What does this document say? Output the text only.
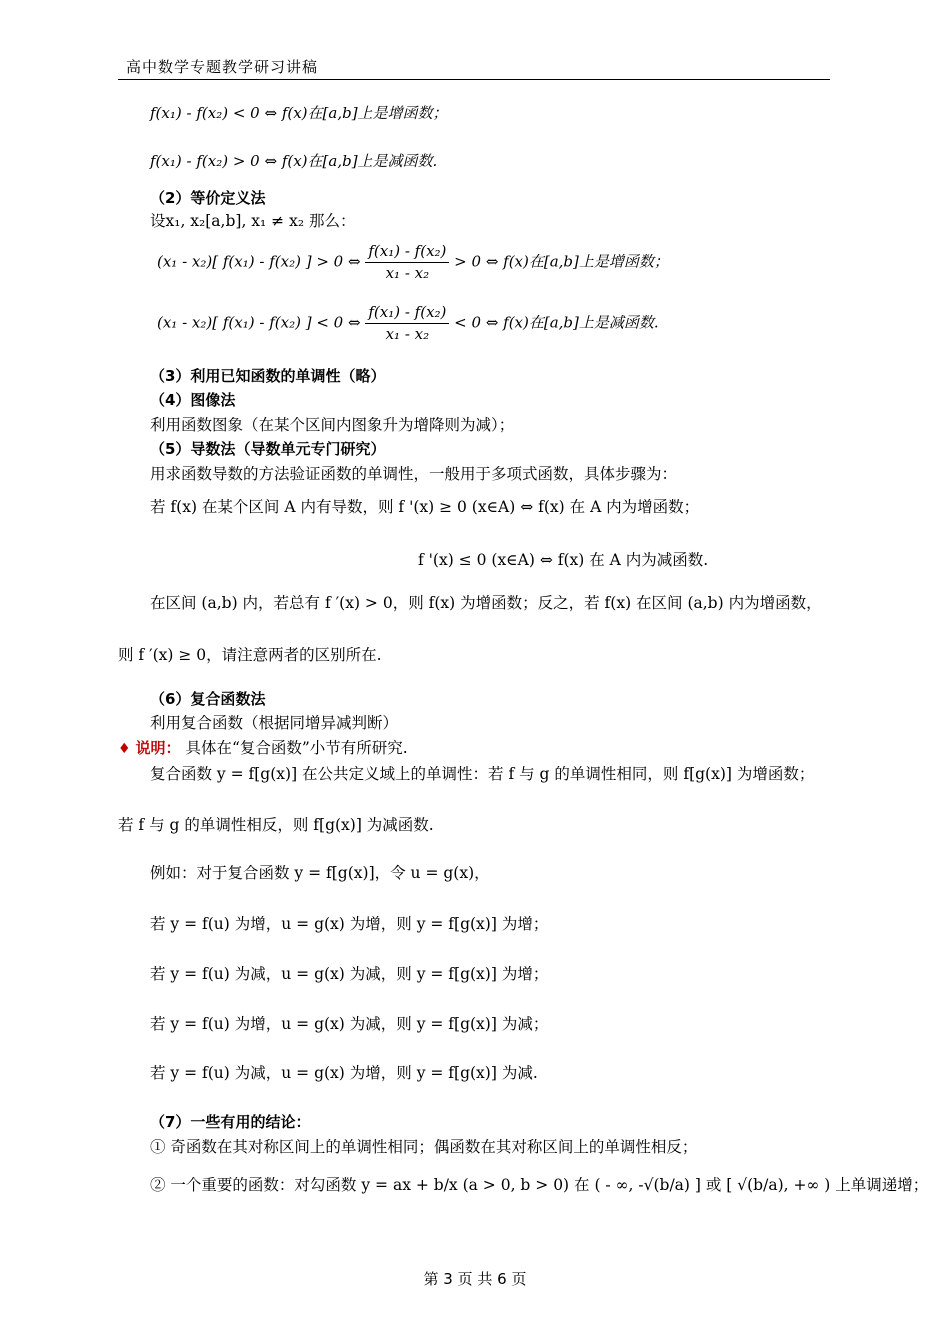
高中数学专题教学研习讲稿
f(x₁) - f(x₂) < 0 ⇔ f(x)在[a,b]上是增函数；
f(x₁) - f(x₂) > 0 ⇔ f(x)在[a,b]上是减函数.
（2）等价定义法
设x₁, x₂[a,b], x₁ ≠ x₂ 那么：
(x₁ - x₂)[ f(x₁) - f(x₂) ] > 0 ⇔ $\frac{\text{f(x₁) - f(x₂)}}{\text{x₁ - x₂}} > 0$ ⇔ f(x)在[a,b]上是增函数；
(x₁ - x₂)[ f(x₁) - f(x₂) ] < 0 ⇔ $\frac{\text{f(x₁) - f(x₂)}}{\text{x₁ - x₂}} < 0$ ⇔ f(x)在[a,b]上是减函数.
（3）利用已知函数的单调性（略）
（4）图像法
利用函数图象（在某个区间内图象升为增降则为减）；
（5）导数法（导数单元专门研究）
用求函数导数的方法验证函数的单调性，一般用于多项式函数，具体步骤为：
若 f(x) 在某个区间 A 内有导数，则 f '(x) ≥ 0 (x∈A) ⇔ f(x) 在 A 内为增函数；
f '(x) ≤ 0 (x∈A) ⇔ f(x) 在 A 内为减函数.
在区间 (a,b) 内，若总有 f ′(x) > 0，则 f(x) 为增函数；反之，若 f(x) 在区间 (a,b) 内为增函数，
则 f ′(x) ≥ 0，请注意两者的区别所在.
（6）复合函数法
利用复合函数（根据同增异减判断）
♦ 说明： 具体在“复合函数”小节有所研究.
复合函数 y = f[g(x)] 在公共定义域上的单调性：若 f 与 g 的单调性相同，则 f[g(x)] 为增函数；
若 f 与 g 的单调性相反，则 f[g(x)] 为减函数.
例如：对于复合函数 y = f[g(x)]，令 u = g(x)，
若 y = f(u) 为增，u = g(x) 为增，则 y = f[g(x)] 为增；
若 y = f(u) 为减，u = g(x) 为减，则 y = f[g(x)] 为增；
若 y = f(u) 为增，u = g(x) 为减，则 y = f[g(x)] 为减；
若 y = f(u) 为减，u = g(x) 为增，则 y = f[g(x)] 为减.
（7）一些有用的结论：
① 奇函数在其对称区间上的单调性相同；偶函数在其对称区间上的单调性相反；
② 一个重要的函数：对勾函数 y = ax + b/x (a > 0, b > 0) 在 ( - ∞, -√(b/a) ] 或 [ √(b/a), +∞ ) 上单调递增；
第 3 页 共 6 页
